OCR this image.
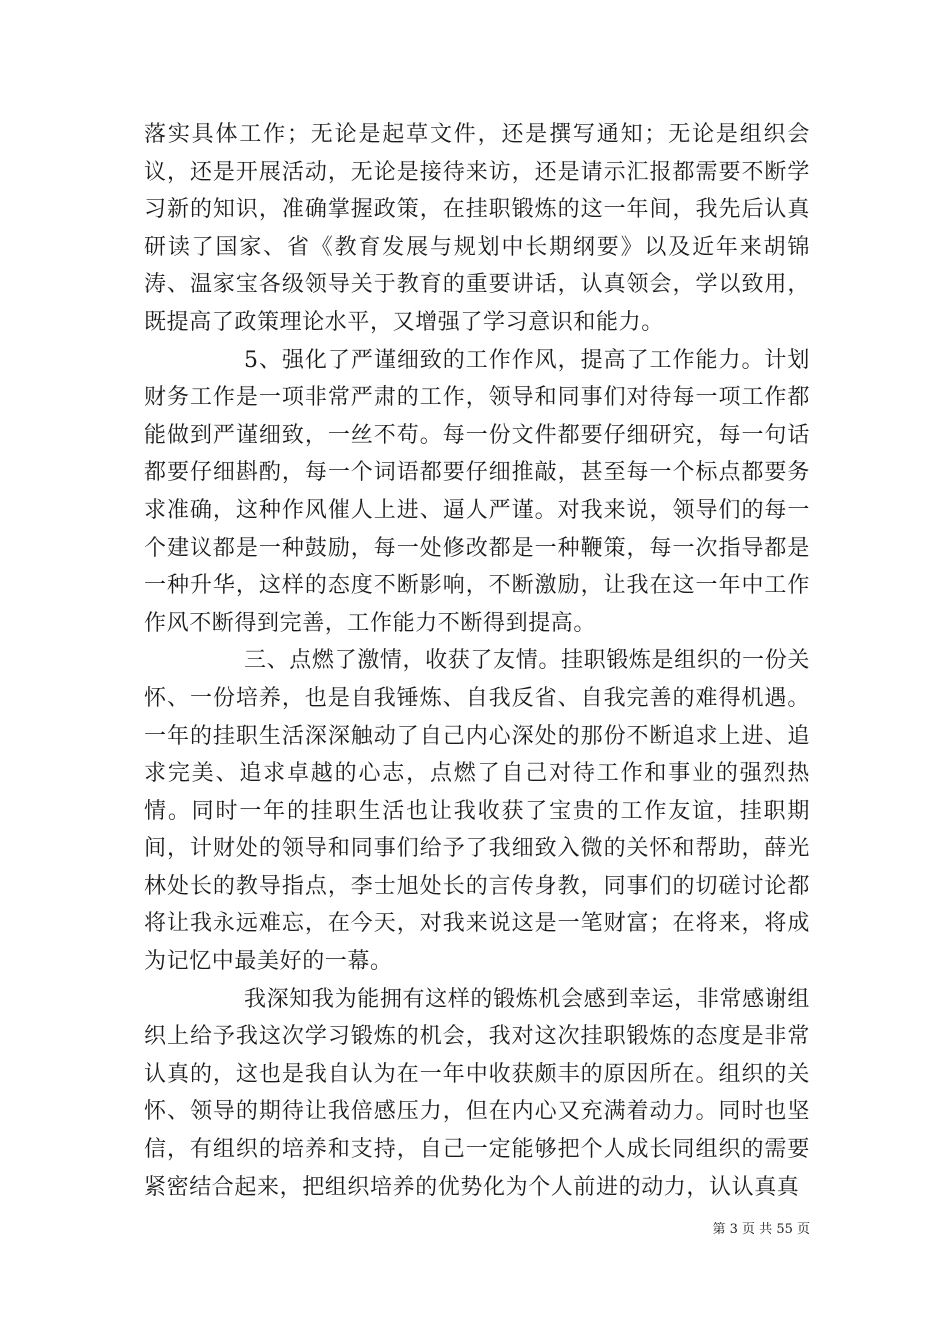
落实具体工作；无论是起草文件，还是撰写通知；无论是组织会议，还是开展活动，无论是接待来访，还是请示汇报都需要不断学习新的知识，准确掌握政策，在挂职锻炼的这一年间，我先后认真研读了国家、省《教育发展与规划中长期纲要》以及近年来胡锦涛、温家宝各级领导关于教育的重要讲话，认真领会，学以致用，既提高了政策理论水平，又增强了学习意识和能力。

5、强化了严谨细致的工作作风，提高了工作能力。计划财务工作是一项非常严肃的工作，领导和同事们对待每一项工作都能做到严谨细致，一丝不苟。每一份文件都要仔细研究，每一句话都要仔细斟酌，每一个词语都要仔细推敲，甚至每一个标点都要务求准确，这种作风催人上进、逼人严谨。对我来说，领导们的每一个建议都是一种鼓励，每一处修改都是一种鞭策，每一次指导都是一种升华，这样的态度不断影响，不断激励，让我在这一年中工作作风不断得到完善，工作能力不断得到提高。

三、点燃了激情，收获了友情。挂职锻炼是组织的一份关怀、一份培养，也是自我锤炼、自我反省、自我完善的难得机遇。一年的挂职生活深深触动了自己内心深处的那份不断追求上进、追求完美、追求卓越的心志，点燃了自己对待工作和事业的强烈热情。同时一年的挂职生活也让我收获了宝贵的工作友谊，挂职期间，计财处的领导和同事们给予了我细致入微的关怀和帮助，薛光林处长的教导指点，李士旭处长的言传身教，同事们的切磋讨论都将让我永远难忘，在今天，对我来说这是一笔财富；在将来，将成为记忆中最美好的一幕。

我深知我为能拥有这样的锻炼机会感到幸运，非常感谢组织上给予我这次学习锻炼的机会，我对这次挂职锻炼的态度是非常认真的，这也是我自认为在一年中收获颇丰的原因所在。组织的关怀、领导的期待让我倍感压力，但在内心又充满着动力。同时也坚信，有组织的培养和支持，自己一定能够把个人成长同组织的需要紧密结合起来，把组织培养的优势化为个人前进的动力，认认真真

第 3 页 共 55 页
